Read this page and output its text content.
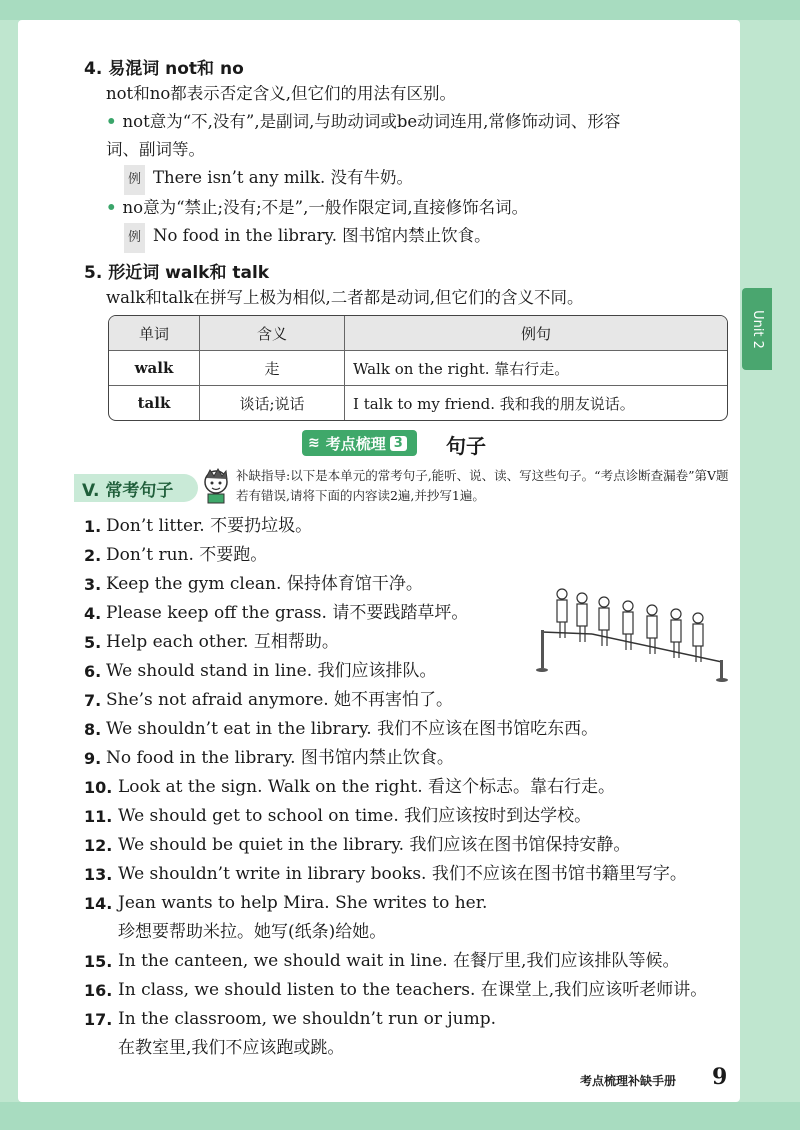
Unit 2
4. 易混词 not和 no
not和no都表示否定含义,但它们的用法有区别。
• not意为“不,没有”,是副词,与助动词或be动词连用,常修饰动词、形容
词、副词等。
例 There isn’t any milk. 没有牛奶。
• no意为“禁止;没有;不是”,一般作限定词,直接修饰名词。
例 No food in the library. 图书馆内禁止饮食。
5. 形近词 walk和 talk
walk和talk在拼写上极为相似,二者都是动词,但它们的含义不同。
单词	含义	例句
walk	走	Walk on the right. 靠右行走。
talk	谈话;说话	I talk to my friend. 我和我的朋友说话。
≋ 考点梳理 3 句子
V. 常考句子
补缺指导:以下是本单元的常考句子,能听、说、读、写这些句子。“考点诊断查漏卷”第V题若有错误,请将下面的内容读2遍,并抄写1遍。
1. Don’t litter. 不要扔垃圾。
2. Don’t run. 不要跑。
3. Keep the gym clean. 保持体育馆干净。
4. Please keep off the grass. 请不要践踏草坪。
5. Help each other. 互相帮助。
6. We should stand in line. 我们应该排队。
7. She’s not afraid anymore. 她不再害怕了。
8. We shouldn’t eat in the library. 我们不应该在图书馆吃东西。
9. No food in the library. 图书馆内禁止饮食。
10. Look at the sign. Walk on the right. 看这个标志。靠右行走。
11. We should get to school on time. 我们应该按时到达学校。
12. We should be quiet in the library. 我们应该在图书馆保持安静。
13. We shouldn’t write in library books. 我们不应该在图书馆书籍里写字。
14. Jean wants to help Mira. She writes to her.
珍想要帮助米拉。她写(纸条)给她。
15. In the canteen, we should wait in line. 在餐厅里,我们应该排队等候。
16. In class, we should listen to the teachers. 在课堂上,我们应该听老师讲。
17. In the classroom, we shouldn’t run or jump.
在教室里,我们不应该跑或跳。
考点梳理补缺手册 9
